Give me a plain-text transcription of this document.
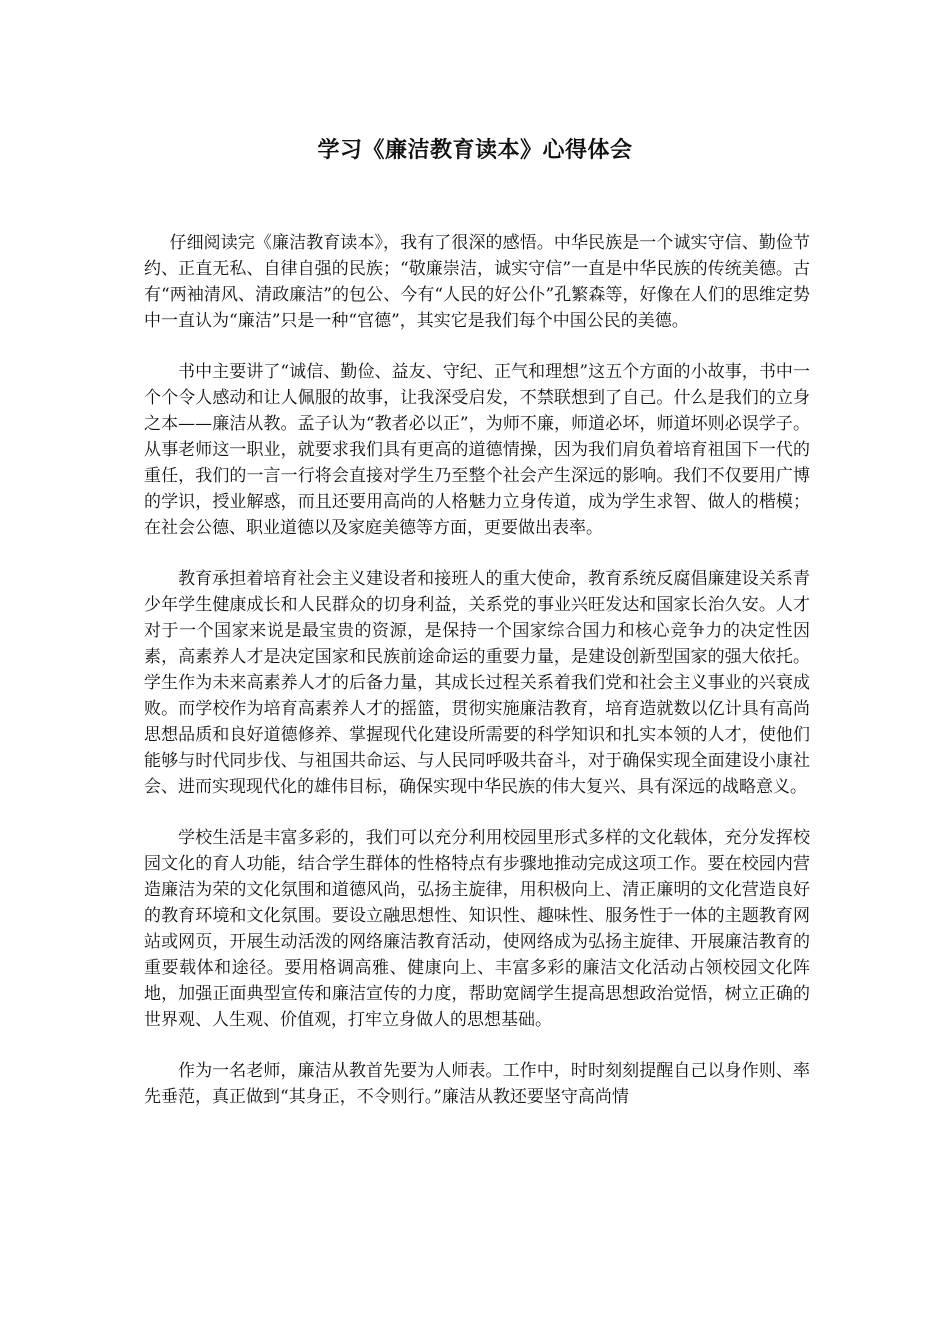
学习《廉洁教育读本》心得体会

仔细阅读完《廉洁教育读本》，我有了很深的感悟。中华民族是一个诚实守信、勤俭节约、正直无私、自律自强的民族；“敬廉崇洁，诚实守信”一直是中华民族的传统美德。古有“两袖清风、清政廉洁”的包公、今有“人民的好公仆”孔繁森等，好像在人们的思维定势中一直认为“廉洁”只是一种“官德”，其实它是我们每个中国公民的美德。

书中主要讲了“诚信、勤俭、益友、守纪、正气和理想”这五个方面的小故事，书中一个个令人感动和让人佩服的故事，让我深受启发，不禁联想到了自己。什么是我们的立身之本——廉洁从教。孟子认为“教者必以正”，为师不廉，师道必坏，师道坏则必误学子。从事老师这一职业，就要求我们具有更高的道德情操，因为我们肩负着培育祖国下一代的重任，我们的一言一行将会直接对学生乃至整个社会产生深远的影响。我们不仅要用广博的学识，授业解惑，而且还要用高尚的人格魅力立身传道，成为学生求智、做人的楷模；在社会公德、职业道德以及家庭美德等方面，更要做出表率。

教育承担着培育社会主义建设者和接班人的重大使命，教育系统反腐倡廉建设关系青少年学生健康成长和人民群众的切身利益，关系党的事业兴旺发达和国家长治久安。人才对于一个国家来说是最宝贵的资源，是保持一个国家综合国力和核心竞争力的决定性因素，高素养人才是决定国家和民族前途命运的重要力量，是建设创新型国家的强大依托。学生作为未来高素养人才的后备力量，其成长过程关系着我们党和社会主义事业的兴衰成败。而学校作为培育高素养人才的摇篮，贯彻实施廉洁教育，培育造就数以亿计具有高尚思想品质和良好道德修养、掌握现代化建设所需要的科学知识和扎实本领的人才，使他们能够与时代同步伐、与祖国共命运、与人民同呼吸共奋斗，对于确保实现全面建设小康社会、进而实现现代化的雄伟目标，确保实现中华民族的伟大复兴、具有深远的战略意义。

学校生活是丰富多彩的，我们可以充分利用校园里形式多样的文化载体，充分发挥校园文化的育人功能，结合学生群体的性格特点有步骤地推动完成这项工作。要在校园内营造廉洁为荣的文化氛围和道德风尚，弘扬主旋律，用积极向上、清正廉明的文化营造良好的教育环境和文化氛围。要设立融思想性、知识性、趣味性、服务性于一体的主题教育网站或网页，开展生动活泼的网络廉洁教育活动，使网络成为弘扬主旋律、开展廉洁教育的重要载体和途径。要用格调高雅、健康向上、丰富多彩的廉洁文化活动占领校园文化阵地，加强正面典型宣传和廉洁宣传的力度，帮助宽阔学生提高思想政治觉悟，树立正确的世界观、人生观、价值观，打牢立身做人的思想基础。

作为一名老师，廉洁从教首先要为人师表。工作中，时时刻刻提醒自己以身作则、率先垂范，真正做到“其身正，不令则行。”廉洁从教还要坚守高尚情
